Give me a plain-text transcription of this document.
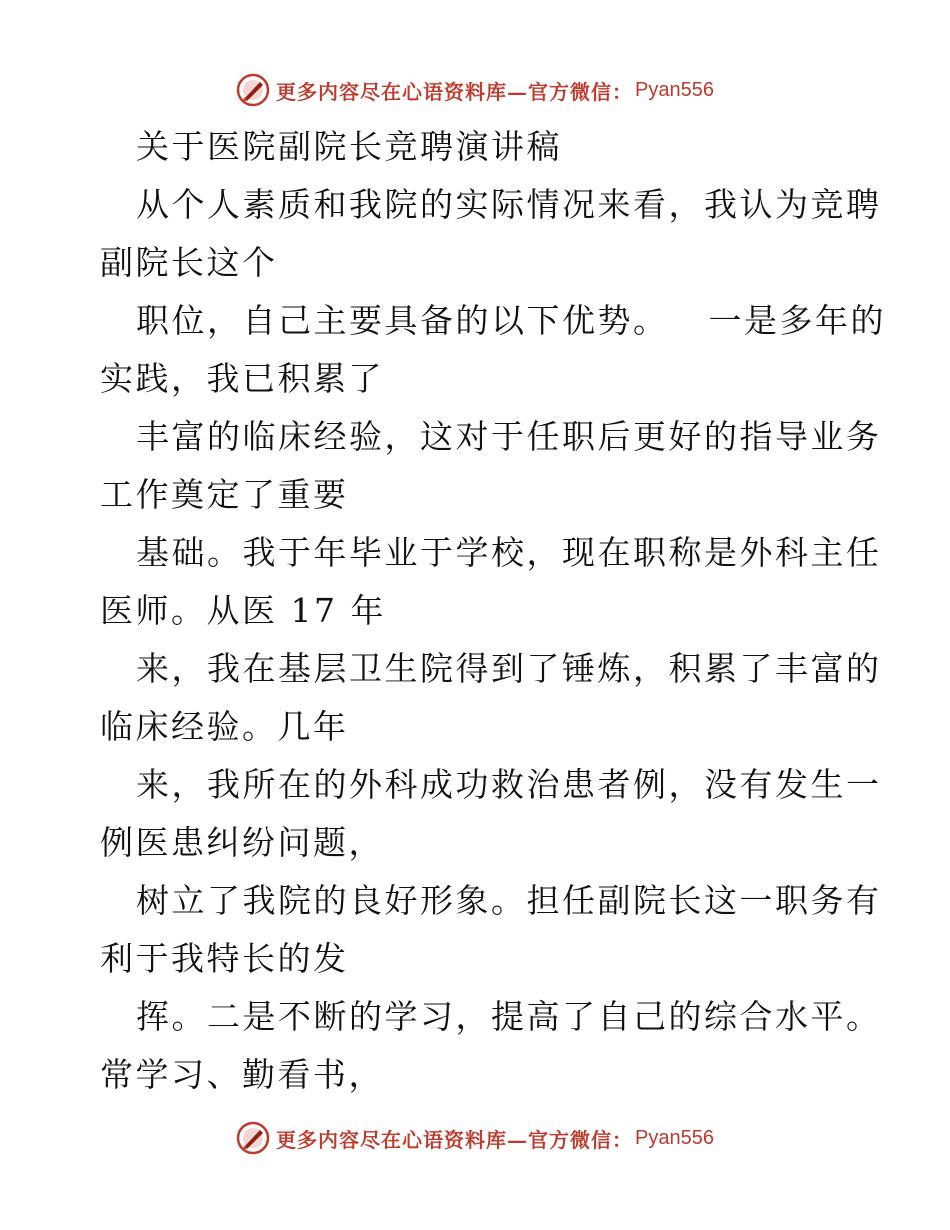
更多内容尽在心语资料库—官方微信： Pyan556
关于医院副院长竞聘演讲稿
从个人素质和我院的实际情况来看，我认为竞聘
副院长这个
职位，自己主要具备的以下优势。 一是多年的
实践，我已积累了
丰富的临床经验，这对于任职后更好的指导业务
工作奠定了重要
基础。我于年毕业于学校，现在职称是外科主任
医师。从医 17 年
来，我在基层卫生院得到了锤炼，积累了丰富的
临床经验。几年
来，我所在的外科成功救治患者例，没有发生一
例医患纠纷问题，
树立了我院的良好形象。担任副院长这一职务有
利于我特长的发
挥。二是不断的学习，提高了自己的综合水平。
常学习、勤看书，
更多内容尽在心语资料库—官方微信： Pyan556
